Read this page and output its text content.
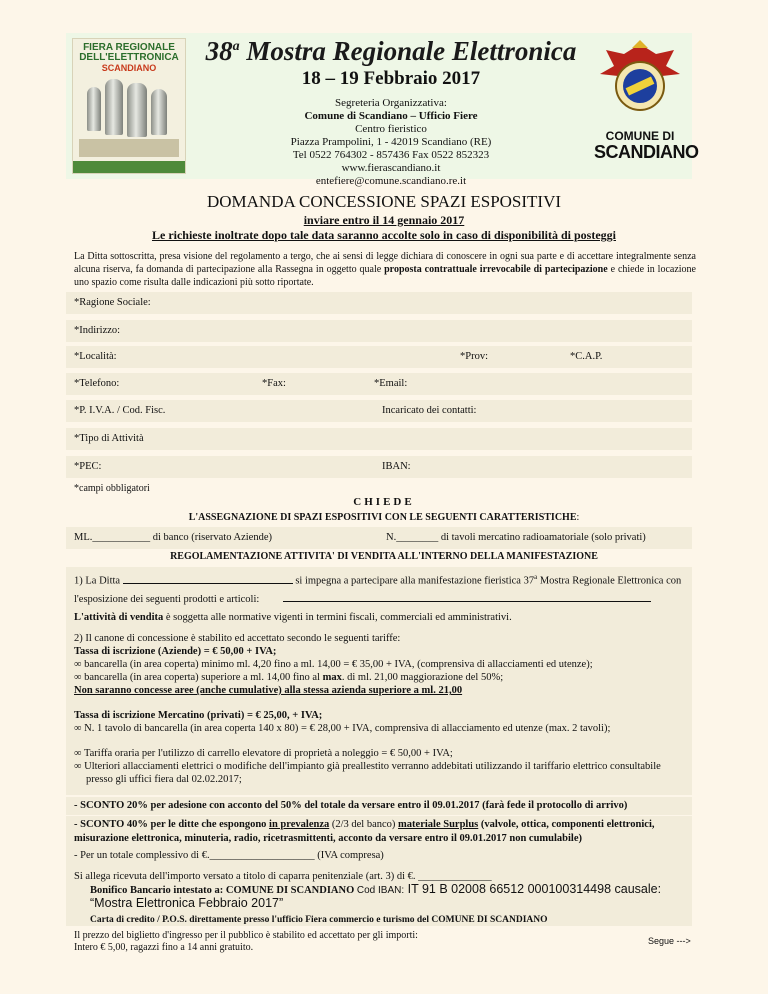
FIERA REGIONALE
DELL'ELETTRONICA
SCANDIANO
38$^a$ Mostra Regionale Elettronica
18 – 19 Febbraio 2017
Segreteria Organizzativa:
Comune di Scandiano – Ufficio Fiere
Centro fieristico
Piazza Prampolini, 1 - 42019 Scandiano (RE)
Tel 0522 764302 - 857436 Fax 0522 852323
www.fierascandiano.it
entefiere@comune.scandiano.re.it
COMUNE DI
SCANDIANO
DOMANDA CONCESSIONE SPAZI ESPOSITIVI
inviare entro il 14 gennaio 2017
Le richieste inoltrate dopo tale data saranno accolte solo in caso di disponibilità di posteggi
La Ditta sottoscritta, presa visione del regolamento a tergo, che ai sensi di legge dichiara di conoscere in ogni sua parte e di accettare integralmente senza alcuna riserva, fa domanda di partecipazione alla Rassegna in oggetto quale proposta contrattuale irrevocabile di partecipazione e chiede in locazione uno spazio come risulta dalle indicazioni più sotto riportate.
*Ragione Sociale:
*Indirizzo:
*Località:	*Prov:	*C.A.P.
*Telefono:	*Fax:	*Email:
*P. I.V.A. / Cod. Fisc.	Incaricato dei contatti:
*Tipo di Attività
*PEC:	IBAN:
*campi obbligatori
CHIEDE
L'ASSEGNAZIONE DI SPAZI ESPOSITIVI CON LE SEGUENTI CARATTERISTICHE:
ML.___________ di banco (riservato Aziende)	N.________ di tavoli mercatino radioamatoriale (solo privati)
REGOLAMENTAZIONE ATTIVITA' DI VENDITA ALL'INTERNO DELLA MANIFESTAZIONE

1) La Ditta	si impegna a partecipare alla manifestazione fieristica 37$^a$ Mostra Regionale Elettronica con

l'esposizione dei seguenti prodotti e articoli:

L'attività di vendita è soggetta alle normative vigenti in termini fiscali, commerciali ed amministrativi.

2) Il canone di concessione è stabilito ed accettato secondo le seguenti tariffe:

Tassa di iscrizione (Aziende) = € 50,00 + IVA;

∞ bancarella (in area coperta) minimo ml. 4,20 fino a ml. 14,00 = € 35,00 + IVA, (comprensiva di allacciamenti ed utenze);

∞ bancarella (in area coperta) superiore a ml. 14,00 fino al max. di ml. 21,00 maggiorazione del 50%;

Non saranno concesse aree (anche cumulative) alla stessa azienda superiore a ml. 21,00

Tassa di iscrizione Mercatino (privati) = € 25,00, + IVA;

∞ N. 1 tavolo di bancarella (in area coperta 140 x 80) = € 28,00 + IVA, comprensiva di allacciamento ed utenze (max. 2 tavoli);

∞ Tariffa oraria per l'utilizzo di carrello elevatore di proprietà a noleggio = € 50,00 + IVA;

∞ Ulteriori allacciamenti elettrici o modifiche dell'impianto già preallestito verranno addebitati utilizzando il tariffario elettrico consultabile presso gli uffici fiera dal 02.02.2017;

- SCONTO 20% per adesione con acconto del 50% del totale da versare entro il 09.01.2017 (farà fede il protocollo di arrivo)
- SCONTO 40% per le ditte che espongono in prevalenza (2/3 del banco) materiale Surplus (valvole, ottica, componenti elettronici, misurazione elettronica, minuteria, radio, ricetrasmittenti, acconto da versare entro il 09.01.2017 non cumulabile)

- Per un totale complessivo di €.____________________ (IVA compresa)

Si allega ricevuta dell'importo versato a titolo di caparra penitenziale (art. 3) di €. ______________

Bonifico Bancario intestato a: COMUNE DI SCANDIANO Cod IBAN: IT 91 B 02008 66512 000100314498 causale: “Mostra Elettronica Febbraio 2017”

Carta di credito / P.O.S. direttamente presso l'ufficio Fiera commercio e turismo del COMUNE DI SCANDIANO

Il prezzo del biglietto d'ingresso per il pubblico è stabilito ed accettato per gli importi:
Intero € 5,00, ragazzi fino a 14 anni gratuito.
Segue --->
